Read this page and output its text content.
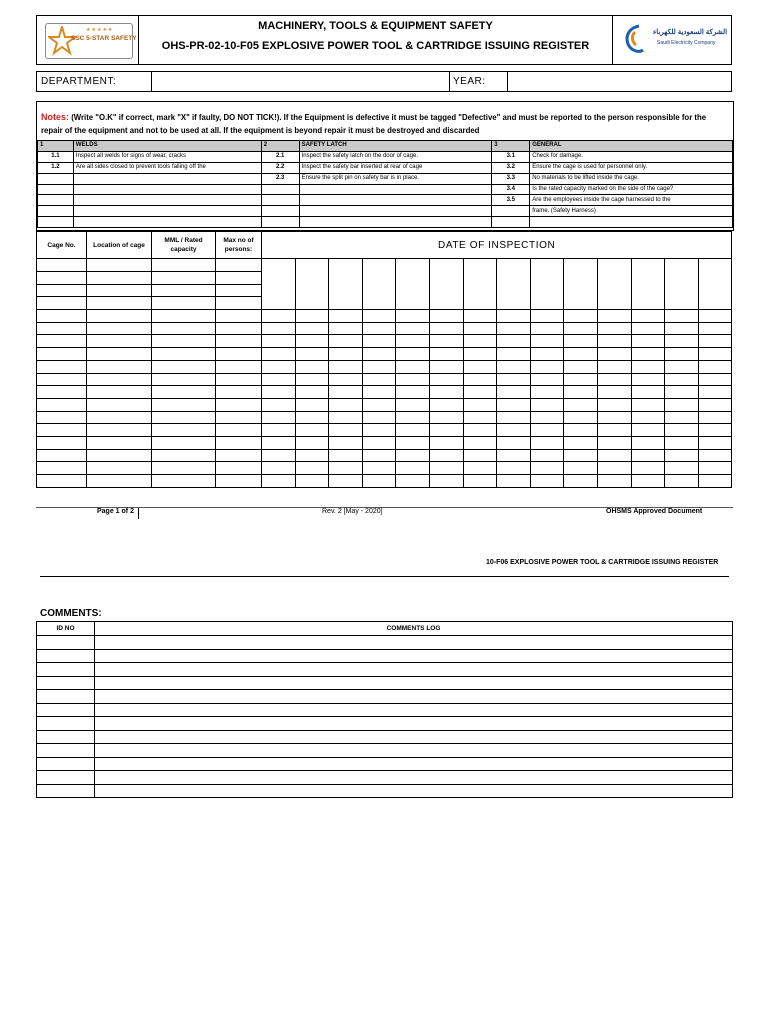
★★★★★
SSC 5-STAR SAFETY
MACHINERY, TOOLS & EQUIPMENT SAFETY
OHS-PR-02-10-F05 EXPLOSIVE POWER TOOL & CARTRIDGE ISSUING REGISTER
الشركة السعودية للكهرباء
Saudi Electricity Company
DEPARTMENT:	YEAR:
Notes: (Write "O.K" if correct, mark "X" if faulty, DO NOT TICK!). If the Equipment is defective it must be tagged "Defective" and must be reported to the person responsible for the repair of the equipment and not to be used at all. If the equipment is beyond repair it must be destroyed and discarded
1	WELDS	2	SAFETY LATCH	3	GENERAL
1.1	Inspect all welds for signs of wear, cracks	2.1	Inspect the safety latch on the door of cage.	3.1	Check for damage.
1.2	Are all sides closed to prevent tools falling off the	2.2	Inspect the safety bar inserted at rear of cage	3.2	Ensure the cage is used for personnel only.
		2.3	Ensure the split pin on safety bar is in place.	3.3	No materials to be lifted inside the cage.
				3.4	Is the rated capacity marked on the side of the cage?
				3.5	Are the employees inside the cage harnessed to the
					frame. (Safety Harness)

Cage No.	Location of cage	MML / Rated capacity	Max no of persons:	DATE OF INSPECTION													

Page 1 of 2	Rev. 2 [May - 2020]	OHSMS Approved Document
10-F06 EXPLOSIVE POWER TOOL & CARTRIDGE ISSUING REGISTER
COMMENTS:
ID NO	COMMENTS LOG
